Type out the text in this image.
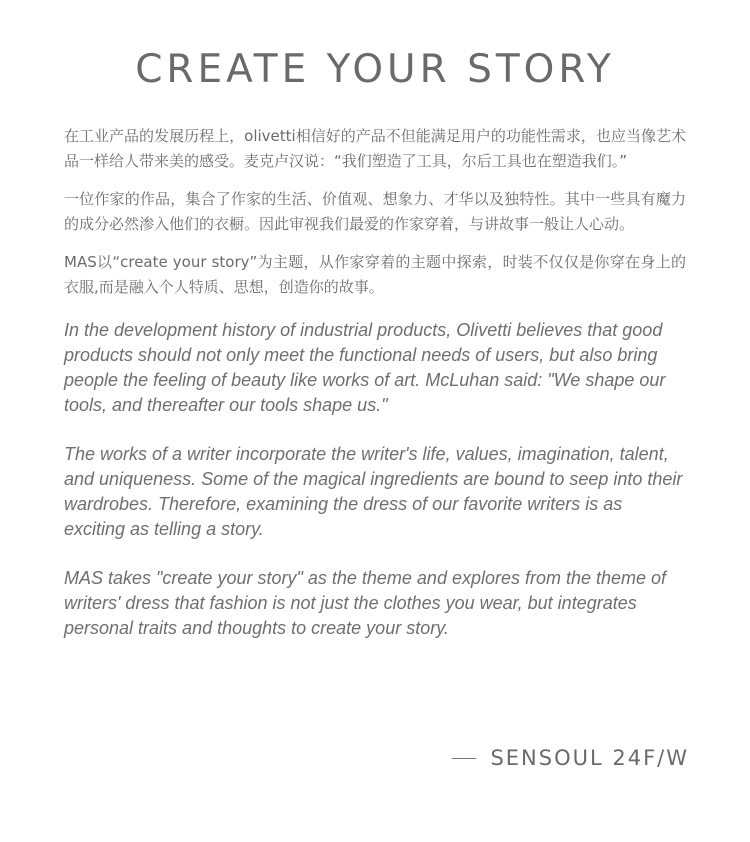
CREATE YOUR STORY

在工业产品的发展历程上，olivetti相信好的产品不但能满足用户的功能性需求，也应当像艺术品一样给人带来美的感受。麦克卢汉说：“我们塑造了工具，尔后工具也在塑造我们。”

一位作家的作品，集合了作家的生活、价值观、想象力、才华以及独特性。其中一些具有魔力的成分必然渗入他们的衣橱。因此审视我们最爱的作家穿着，与讲故事一般让人心动。

MAS以“create your story”为主题，从作家穿着的主题中探索，时装不仅仅是你穿在身上的衣服,而是融入个人特质、思想，创造你的故事。

In the development history of industrial products, Olivetti believes that good products should not only meet the functional needs of users, but also bring people the feeling of beauty like works of art. McLuhan said: "We shape our tools, and thereafter our tools shape us."

The works of a writer incorporate the writer's life, values, imagination, talent, and uniqueness. Some of the magical ingredients are bound to seep into their wardrobes. Therefore, examining the dress of our favorite writers is as exciting as telling a story.

MAS takes "create your story" as the theme and explores from the theme of writers' dress that fashion is not just the clothes you wear, but integrates personal traits and thoughts to create your story.

SENSOUL 24F/W
